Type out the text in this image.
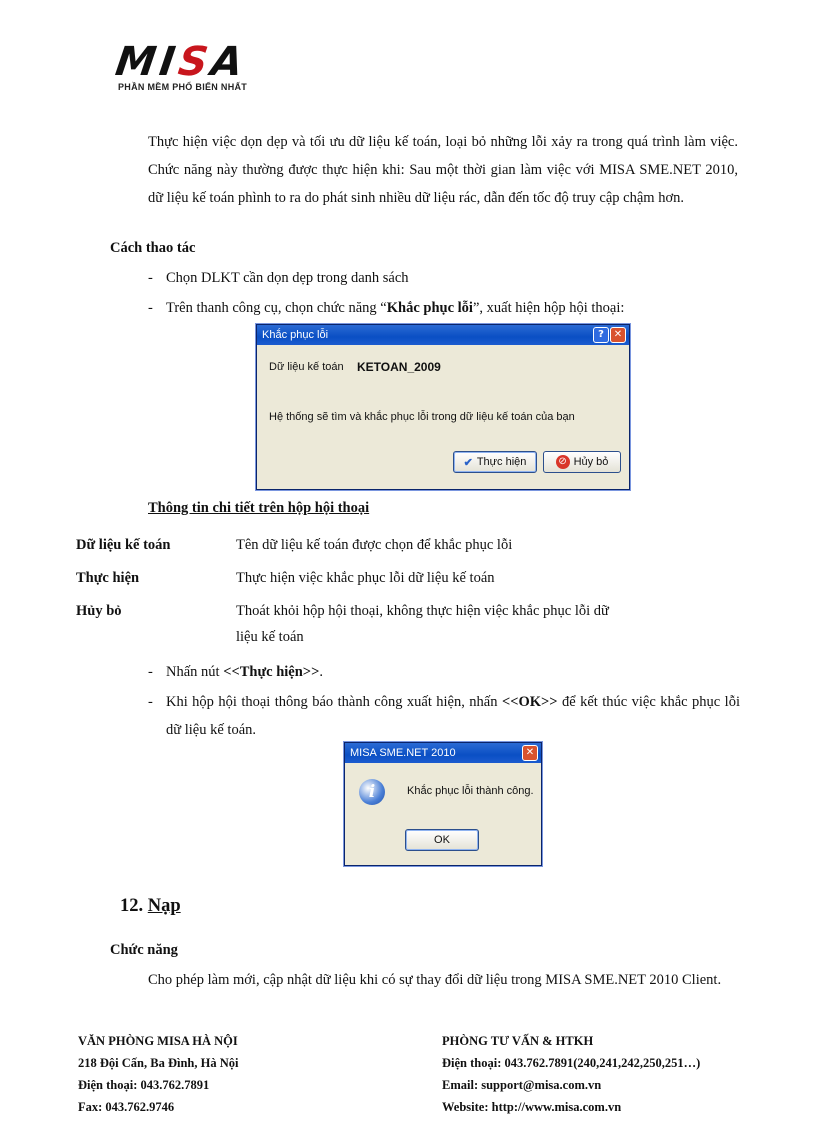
MISA
PHẦN MỀM PHỔ BIẾN NHẤT

Thực hiện việc dọn dẹp và tối ưu dữ liệu kế toán, loại bỏ những lỗi xảy ra trong quá trình làm việc. Chức năng này thường được thực hiện khi: Sau một thời gian làm việc với MISA SME.NET 2010, dữ liệu kế toán phình to ra do phát sinh nhiều dữ liệu rác, dẫn đến tốc độ truy cập chậm hơn.

Cách thao tác
- Chọn DLKT cần dọn dẹp trong danh sách
- Trên thanh công cụ, chọn chức năng “Khắc phục lỗi”, xuất hiện hộp hội thoại:
Khắc phục lỗi	? ✕
Dữ liệu kế toán KETOAN_2009
Hệ thống sẽ tìm và khắc phục lỗi trong dữ liệu kế toán của bạn
✔ Thực hiện	⊘ Hủy bỏ
Thông tin chi tiết trên hộp hội thoại
Dữ liệu kế toán	Tên dữ liệu kế toán được chọn để khắc phục lỗi
Thực hiện	Thực hiện việc khắc phục lỗi dữ liệu kế toán
Hủy bỏ	Thoát khỏi hộp hội thoại, không thực hiện việc khắc phục lỗi dữ liệu kế toán
- Nhấn nút <<Thực hiện>>.
- Khi hộp hội thoại thông báo thành công xuất hiện, nhấn <<OK>> để kết thúc việc khắc phục lỗi dữ liệu kế toán.
MISA SME.NET 2010	✕
i	Khắc phục lỗi thành công.
OK
12. Nạp
Chức năng

Cho phép làm mới, cập nhật dữ liệu khi có sự thay đổi dữ liệu trong MISA SME.NET 2010 Client.

VĂN PHÒNG MISA HÀ NỘI
218 Đội Cấn, Ba Đình, Hà Nội
Điện thoại: 043.762.7891
Fax: 043.762.9746
PHÒNG TƯ VẤN & HTKH
Điện thoại: 043.762.7891(240,241,242,250,251…)
Email: support@misa.com.vn
Website: http://www.misa.com.vn
